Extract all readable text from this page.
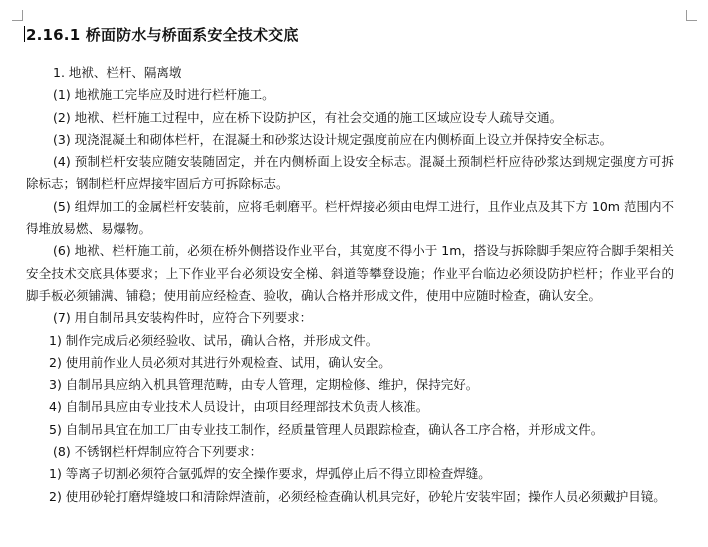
2.16.1 桥面防水与桥面系安全技术交底

1. 地袱、栏杆、隔离墩

(1) 地袱施工完毕应及时进行栏杆施工。

(2) 地袱、栏杆施工过程中，应在桥下设防护区，有社会交通的施工区域应设专人疏导交通。

(3) 现浇混凝土和砌体栏杆，在混凝土和砂浆达设计规定强度前应在内侧桥面上设立并保持安全标志。

(4) 预制栏杆安装应随安装随固定，并在内侧桥面上设安全标志。混凝土预制栏杆应待砂浆达到规定强度方可拆除标志；钢制栏杆应焊接牢固后方可拆除标志。

(5) 组焊加工的金属栏杆安装前，应将毛刺磨平。栏杆焊接必须由电焊工进行，且作业点及其下方 10m 范围内不得堆放易燃、易爆物。

(6) 地袱、栏杆施工前，必须在桥外侧搭设作业平台，其宽度不得小于 1m，搭设与拆除脚手架应符合脚手架相关安全技术交底具体要求；上下作业平台必须设安全梯、斜道等攀登设施；作业平台临边必须设防护栏杆；作业平台的脚手板必须铺满、铺稳；使用前应经检查、验收，确认合格并形成文件，使用中应随时检查，确认安全。

(7) 用自制吊具安装构件时，应符合下列要求：

1) 制作完成后必须经验收、试吊，确认合格，并形成文件。

2) 使用前作业人员必须对其进行外观检查、试用，确认安全。

3) 自制吊具应纳入机具管理范畴，由专人管理，定期检修、维护，保持完好。

4) 自制吊具应由专业技术人员设计，由项目经理部技术负责人核准。

5) 自制吊具宜在加工厂由专业技工制作，经质量管理人员跟踪检查，确认各工序合格，并形成文件。

(8) 不锈钢栏杆焊制应符合下列要求：

1) 等离子切割必须符合氩弧焊的安全操作要求，焊弧停止后不得立即检查焊缝。

2) 使用砂轮打磨焊缝坡口和清除焊渣前，必须经检查确认机具完好，砂轮片安装牢固；操作人员必须戴护目镜。
